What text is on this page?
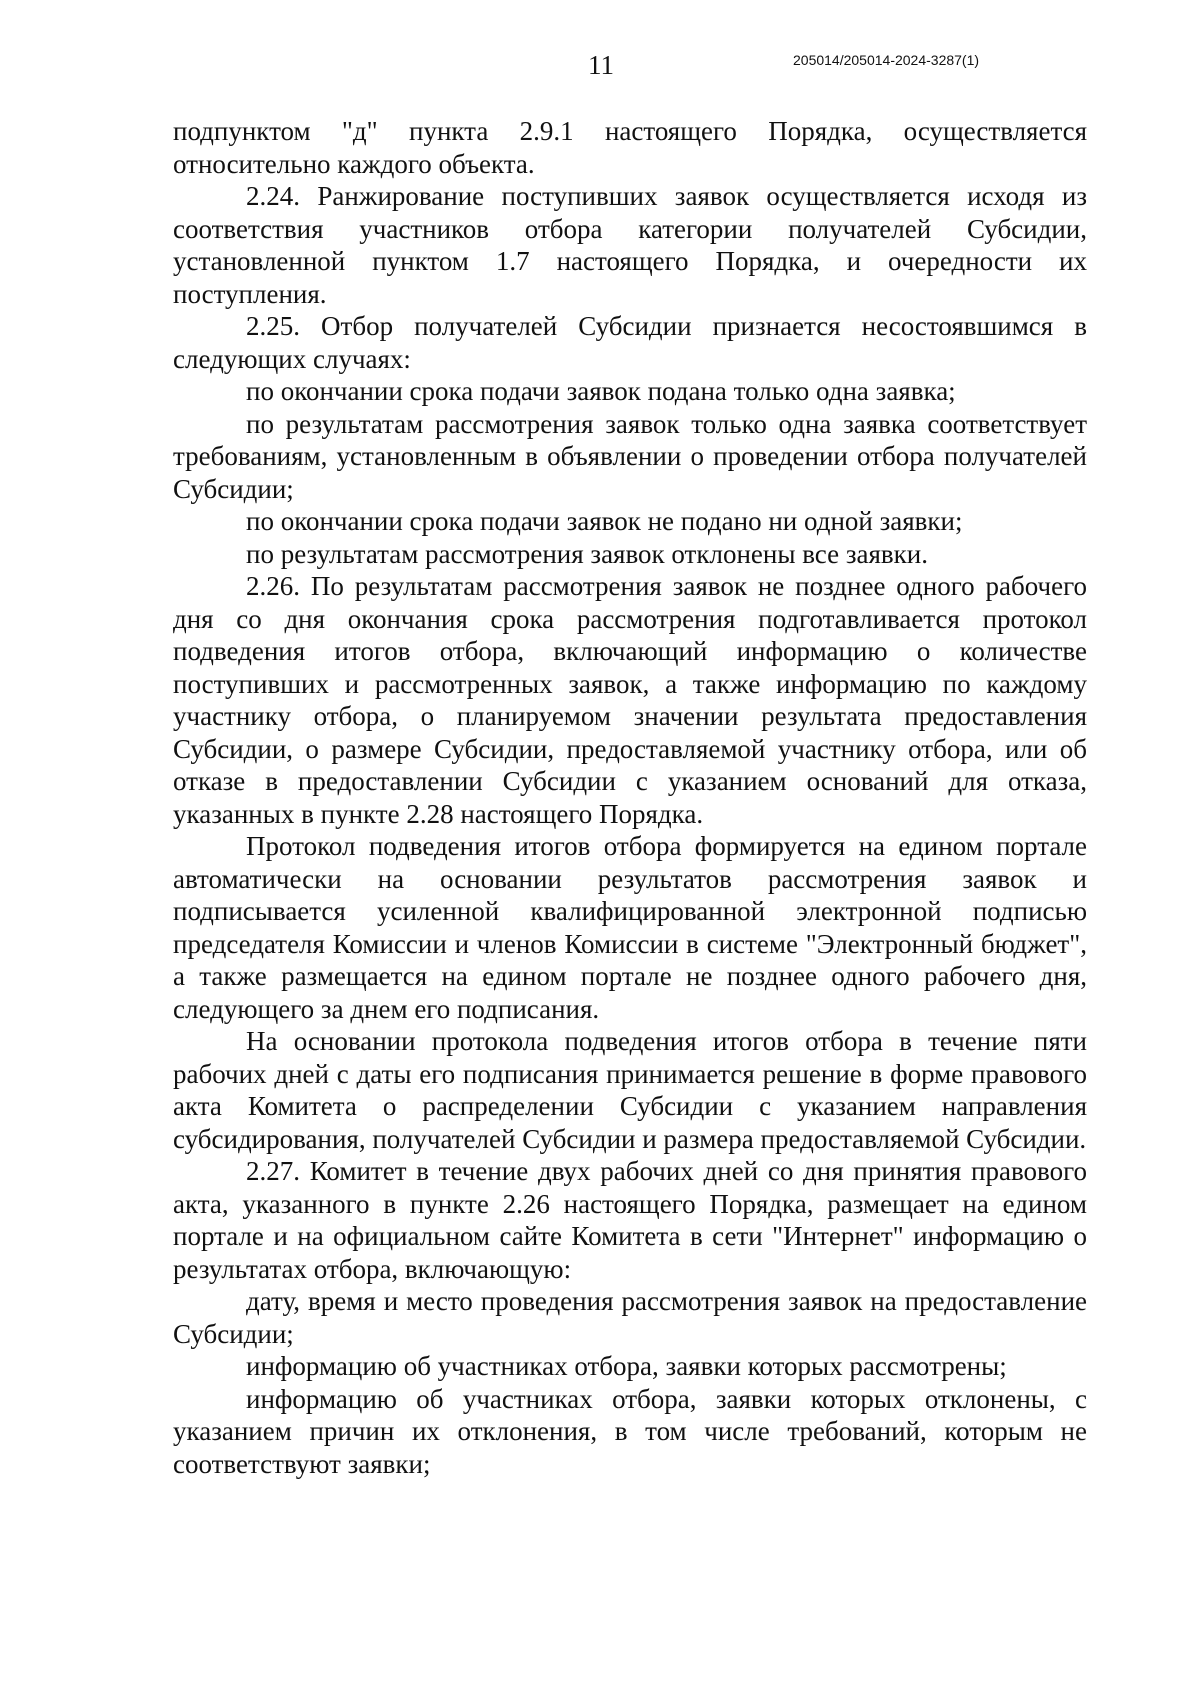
11	205014/205014-2024-3287(1)

подпунктом "д" пункта 2.9.1 настоящего Порядка, осуществляется относительно каждого объекта.

2.24. Ранжирование поступивших заявок осуществляется исходя из соответствия участников отбора категории получателей Субсидии, установленной пунктом 1.7 настоящего Порядка, и очередности их поступления.

2.25. Отбор получателей Субсидии признается несостоявшимся в следующих случаях:

по окончании срока подачи заявок подана только одна заявка;

по результатам рассмотрения заявок только одна заявка соответствует требованиям, установленным в объявлении о проведении отбора получателей Субсидии;

по окончании срока подачи заявок не подано ни одной заявки;

по результатам рассмотрения заявок отклонены все заявки.

2.26. По результатам рассмотрения заявок не позднее одного рабочего дня со дня окончания срока рассмотрения подготавливается протокол подведения итогов отбора, включающий информацию о количестве поступивших и рассмотренных заявок, а также информацию по каждому участнику отбора, о планируемом значении результата предоставления Субсидии, о размере Субсидии, предоставляемой участнику отбора, или об отказе в предоставлении Субсидии с указанием оснований для отказа, указанных в пункте 2.28 настоящего Порядка.

Протокол подведения итогов отбора формируется на едином портале автоматически на основании результатов рассмотрения заявок и подписывается усиленной квалифицированной электронной подписью председателя Комиссии и членов Комиссии в системе "Электронный бюджет", а также размещается на едином портале не позднее одного рабочего дня, следующего за днем его подписания.

На основании протокола подведения итогов отбора в течение пяти рабочих дней с даты его подписания принимается решение в форме правового акта Комитета о распределении Субсидии с указанием направления субсидирования, получателей Субсидии и размера предоставляемой Субсидии.

2.27. Комитет в течение двух рабочих дней со дня принятия правового акта, указанного в пункте 2.26 настоящего Порядка, размещает на едином портале и на официальном сайте Комитета в сети "Интернет" информацию о результатах отбора, включающую:

дату, время и место проведения рассмотрения заявок на предоставление Субсидии;

информацию об участниках отбора, заявки которых рассмотрены;

информацию об участниках отбора, заявки которых отклонены, с указанием причин их отклонения, в том числе требований, которым не соответствуют заявки;
